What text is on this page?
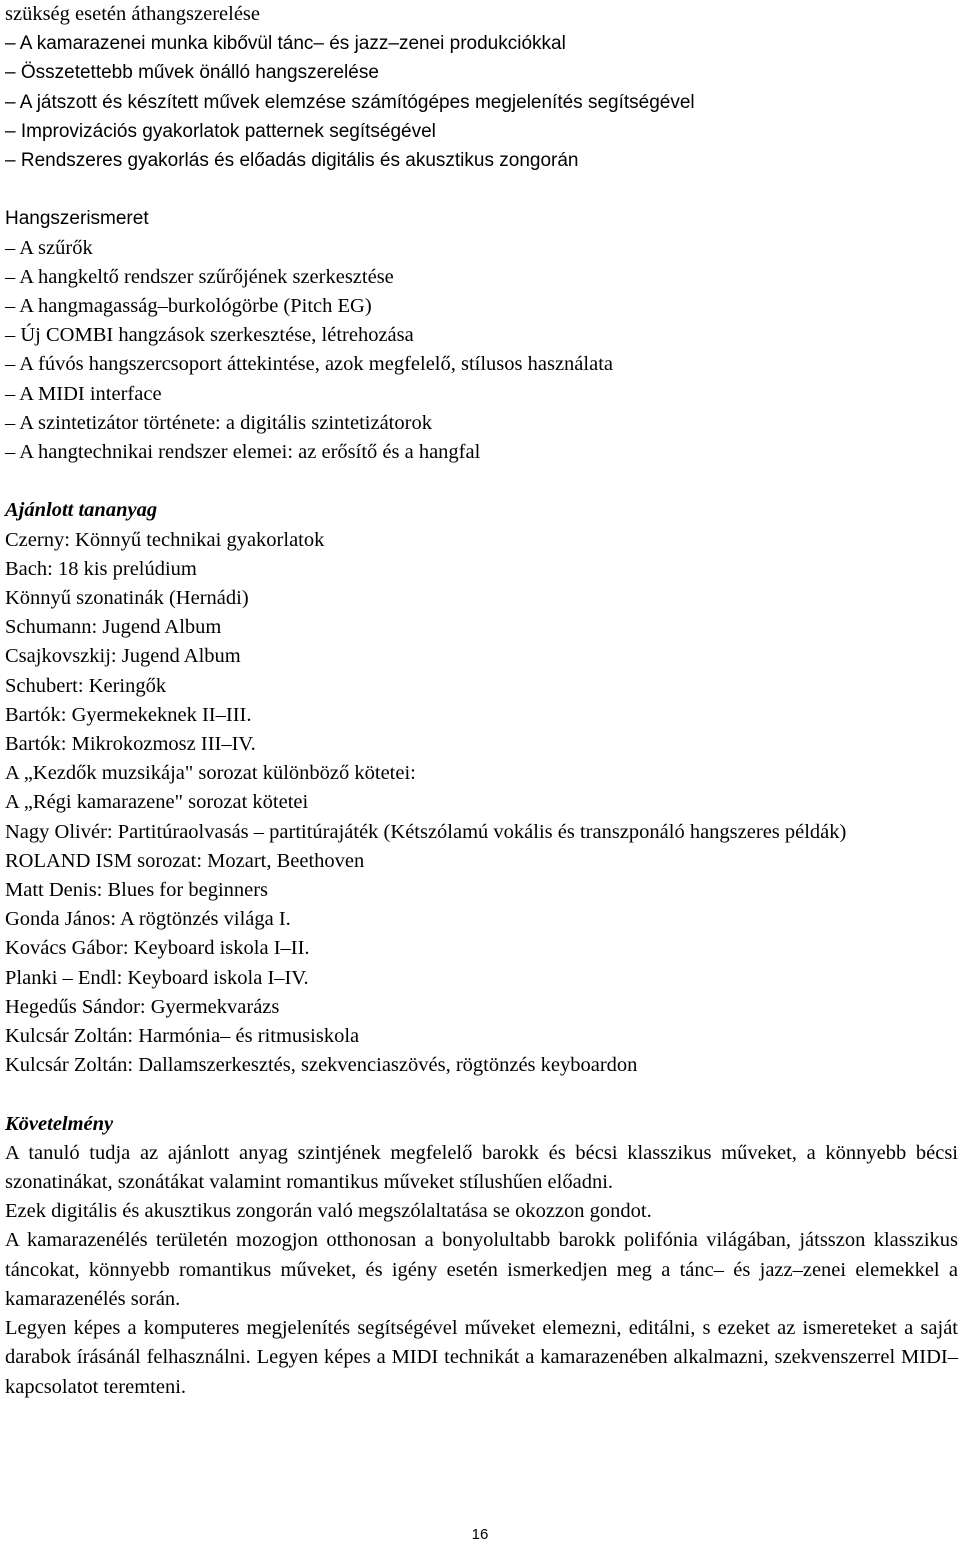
szükség esetén áthangszerelése
– A kamarazenei munka kibővül tánc– és jazz–zenei produkciókkal
– Összetettebb művek önálló hangszerelése
– A játszott és készített művek elemzése számítógépes megjelenítés segítségével
– Improvizációs gyakorlatok patternek segítségével
– Rendszeres gyakorlás és előadás digitális és akusztikus zongorán
Hangszerismeret
– A szűrők
– A hangkeltő rendszer szűrőjének szerkesztése
– A hangmagasság–burkológörbe (Pitch EG)
– Új COMBI hangzások szerkesztése, létrehozása
– A fúvós hangszercsoport áttekintése, azok megfelelő, stílusos használata
– A MIDI interface
– A szintetizátor története: a digitális szintetizátorok
– A hangtechnikai rendszer elemei: az erősítő és a hangfal
Ajánlott tananyag
Czerny: Könnyű technikai gyakorlatok
Bach: 18 kis prelúdium
Könnyű szonatinák (Hernádi)
Schumann: Jugend Album
Csajkovszkij: Jugend Album
Schubert: Keringők
Bartók: Gyermekeknek II–III.
Bartók: Mikrokozmosz III–IV.
A „Kezdők muzsikája" sorozat különböző kötetei:
A „Régi kamarazene" sorozat kötetei
Nagy Olivér: Partitúraolvasás – partitúrajáték (Kétszólamú vokális és transzponáló hangszeres példák)
ROLAND ISM sorozat: Mozart, Beethoven
Matt Denis: Blues for beginners
Gonda János: A rögtönzés világa I.
Kovács Gábor: Keyboard iskola I–II.
Planki – Endl: Keyboard iskola I–IV.
Hegedűs Sándor: Gyermekvarázs
Kulcsár Zoltán: Harmónia– és ritmusiskola
Kulcsár Zoltán: Dallamszerkesztés, szekvenciaszövés, rögtönzés keyboardon
Követelmény

A tanuló tudja az ajánlott anyag szintjének megfelelő barokk és bécsi klasszikus műveket, a könnyebb bécsi szonatinákat, szonátákat valamint romantikus műveket stílushűen előadni.

Ezek digitális és akusztikus zongorán való megszólaltatása se okozzon gondot.

A kamarazenélés területén mozogjon otthonosan a bonyolultabb barokk polifónia világában, játsszon klasszikus táncokat, könnyebb romantikus műveket, és igény esetén ismerkedjen meg a tánc– és jazz–zenei elemekkel a kamarazenélés során.

Legyen képes a komputeres megjelenítés segítségével műveket elemezni, editálni, s ezeket az ismereteket a saját darabok írásánál felhasználni. Legyen képes a MIDI technikát a kamarazenében alkalmazni, szekvenszerrel MIDI–kapcsolatot teremteni.

16
